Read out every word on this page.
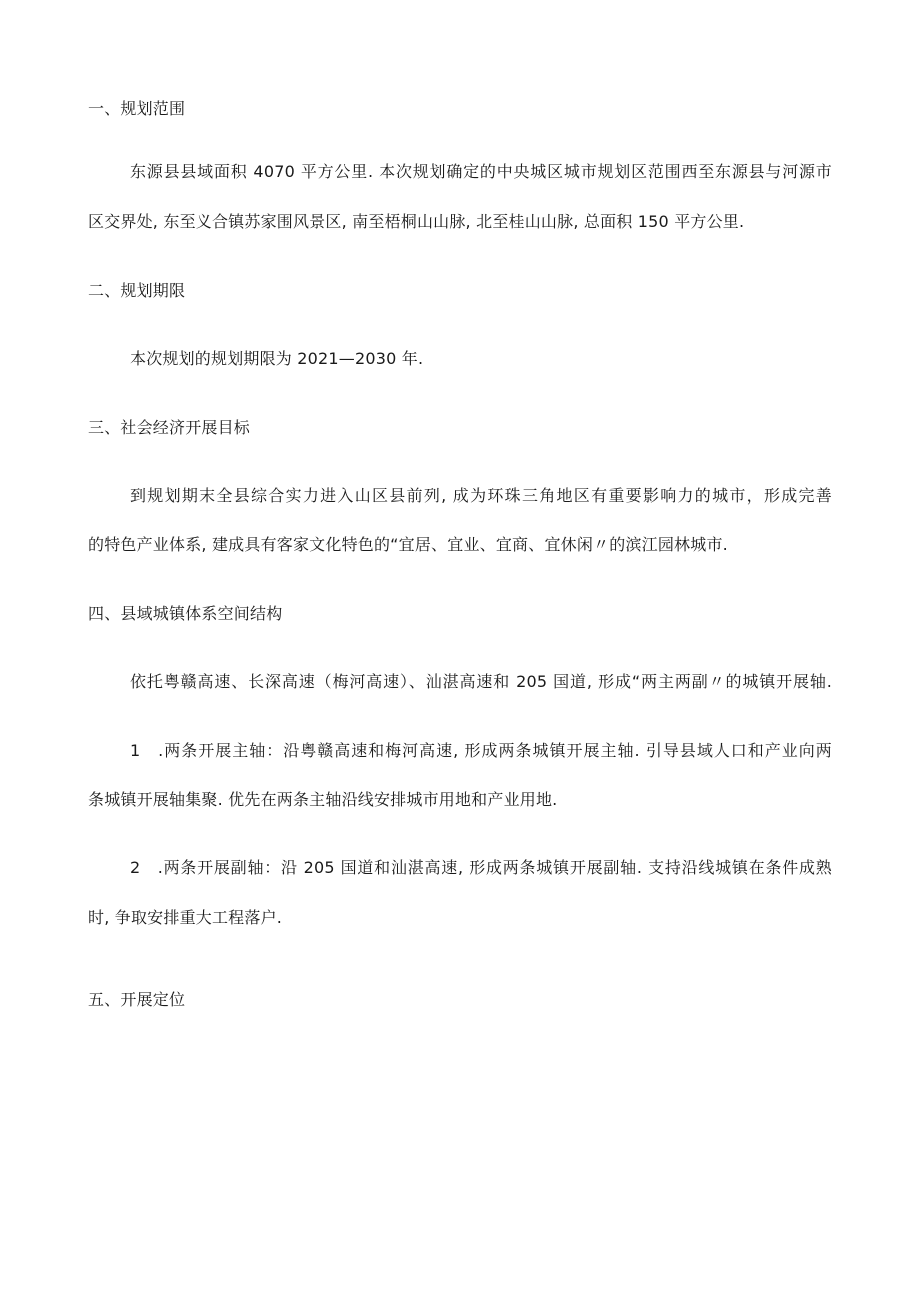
一、规划范围
东源县县域面积 4070 平方公里. 本次规划确定的中央城区城市规划区范围西至东源县与河源市
区交界处, 东至义合镇苏家围风景区, 南至梧桐山山脉, 北至桂山山脉, 总面积 150 平方公里.
二、规划期限
本次规划的规划期限为 2021—2030 年.
三、社会经济开展目标
到规划期末全县综合实力进入山区县前列, 成为环珠三角地区有重要影响力的城市，形成完善
的特色产业体系, 建成具有客家文化特色的“宜居、宜业、宜商、宜休闲〃的滨江园林城市.
四、县域城镇体系空间结构
依托粤赣高速、长深高速（梅河高速）、汕湛高速和 205 国道, 形成“两主两副〃的城镇开展轴.
1　.两条开展主轴：沿粤赣高速和梅河高速, 形成两条城镇开展主轴. 引导县域人口和产业向两
条城镇开展轴集聚. 优先在两条主轴沿线安排城市用地和产业用地.
2　.两条开展副轴：沿 205 国道和汕湛高速, 形成两条城镇开展副轴. 支持沿线城镇在条件成熟
时, 争取安排重大工程落户.
五、开展定位
